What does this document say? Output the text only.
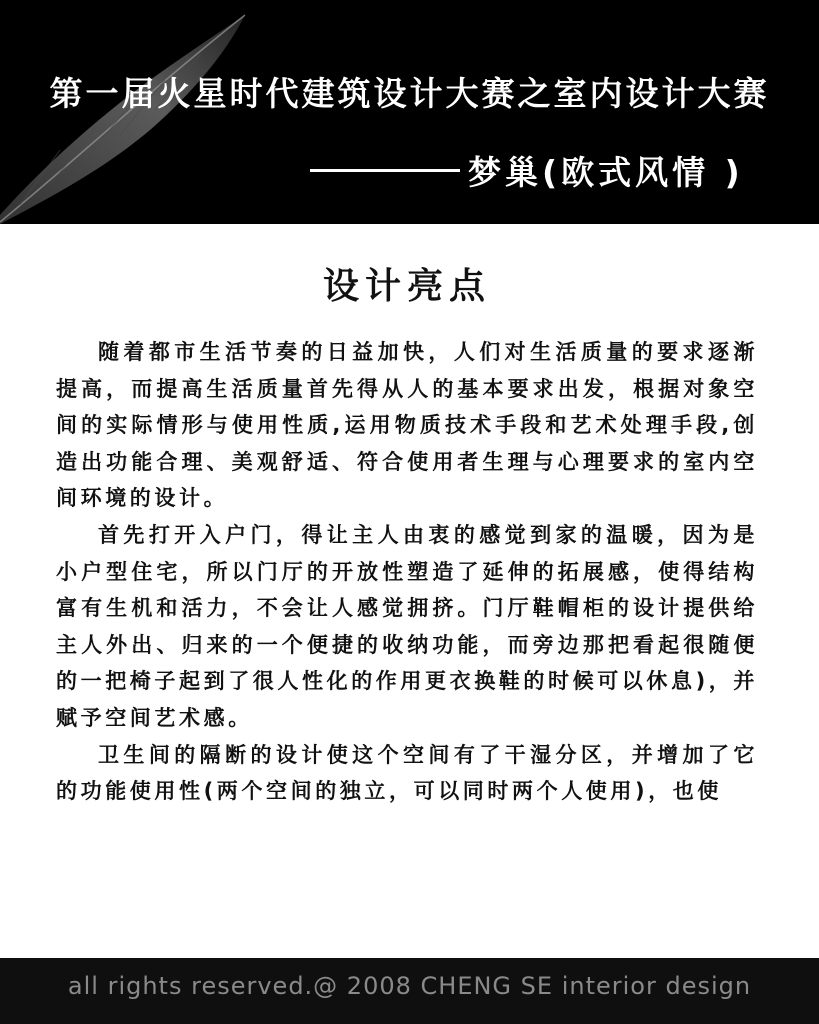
第一届火星时代建筑设计大赛之室内设计大赛
梦巢(欧式风情 )
设计亮点

随着都市生活节奏的日益加快，人们对生活质量的要求逐渐提高，而提高生活质量首先得从人的基本要求出发，根据对象空间的实际情形与使用性质,运用物质技术手段和艺术处理手段,创造出功能合理、美观舒适、符合使用者生理与心理要求的室内空间环境的设计。

首先打开入户门，得让主人由衷的感觉到家的温暖，因为是小户型住宅，所以门厅的开放性塑造了延伸的拓展感，使得结构富有生机和活力，不会让人感觉拥挤。门厅鞋帽柜的设计提供给主人外出、归来的一个便捷的收纳功能，而旁边那把看起很随便的一把椅子起到了很人性化的作用更衣换鞋的时候可以休息)，并赋予空间艺术感。

卫生间的隔断的设计使这个空间有了干湿分区，并增加了它的功能使用性(两个空间的独立，可以同时两个人使用)，也使

all rights reserved.@ 2008 CHENG SE interior design
